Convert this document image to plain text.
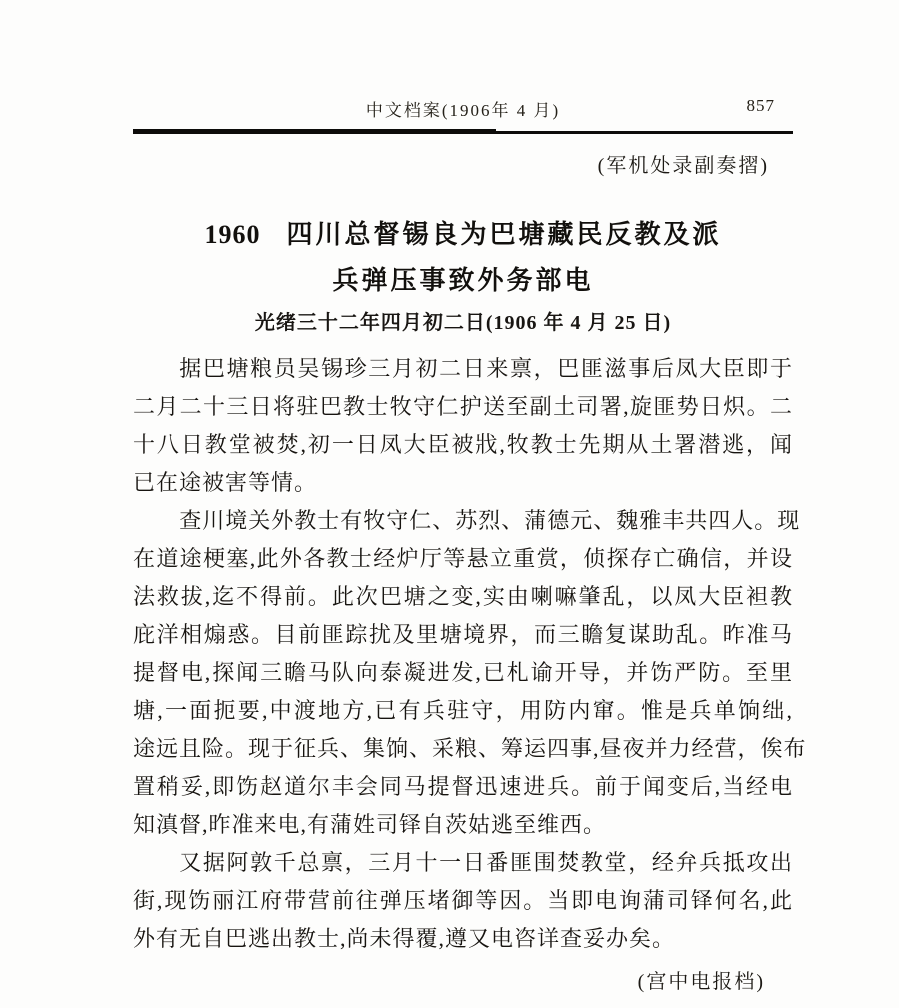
中文档案(1906年 4 月)	857
(军机处录副奏摺)
1960 四川总督锡良为巴塘藏民反教及派
兵弹压事致外务部电
光绪三十二年四月初二日(1906 年 4 月 25 日)
据巴塘粮员吴锡珍三月初二日来禀，巴匪滋事后凤大臣即于
二月二十三日将驻巴教士牧守仁护送至副土司署,旋匪势日炽。二
十八日教堂被焚,初一日凤大臣被戕,牧教士先期从土署潜逃，闻
已在途被害等情。
查川境关外教士有牧守仁、苏烈、蒲德元、魏雅丰共四人。现
在道途梗塞,此外各教士经炉厅等悬立重赏，侦探存亡确信，并设
法救拔,迄不得前。此次巴塘之变,实由喇嘛肇乱，以凤大臣袒教
庇洋相煽惑。目前匪踪扰及里塘境界，而三瞻复谋助乱。昨准马
提督电,探闻三瞻马队向泰凝进发,已札谕开导，并饬严防。至里
塘,一面扼要,中渡地方,已有兵驻守，用防内窜。惟是兵单饷绌,
途远且险。现于征兵、集饷、采粮、筹运四事,昼夜并力经营，俟布
置稍妥,即饬赵道尔丰会同马提督迅速进兵。前于闻变后,当经电
知滇督,昨准来电,有蒲姓司铎自茨姑逃至维西。
又据阿敦千总禀，三月十一日番匪围焚教堂，经弁兵抵攻出
街,现饬丽江府带营前往弹压堵御等因。当即电询蒲司铎何名,此
外有无自巴逃出教士,尚未得覆,遵又电咨详查妥办矣。
(宫中电报档)
